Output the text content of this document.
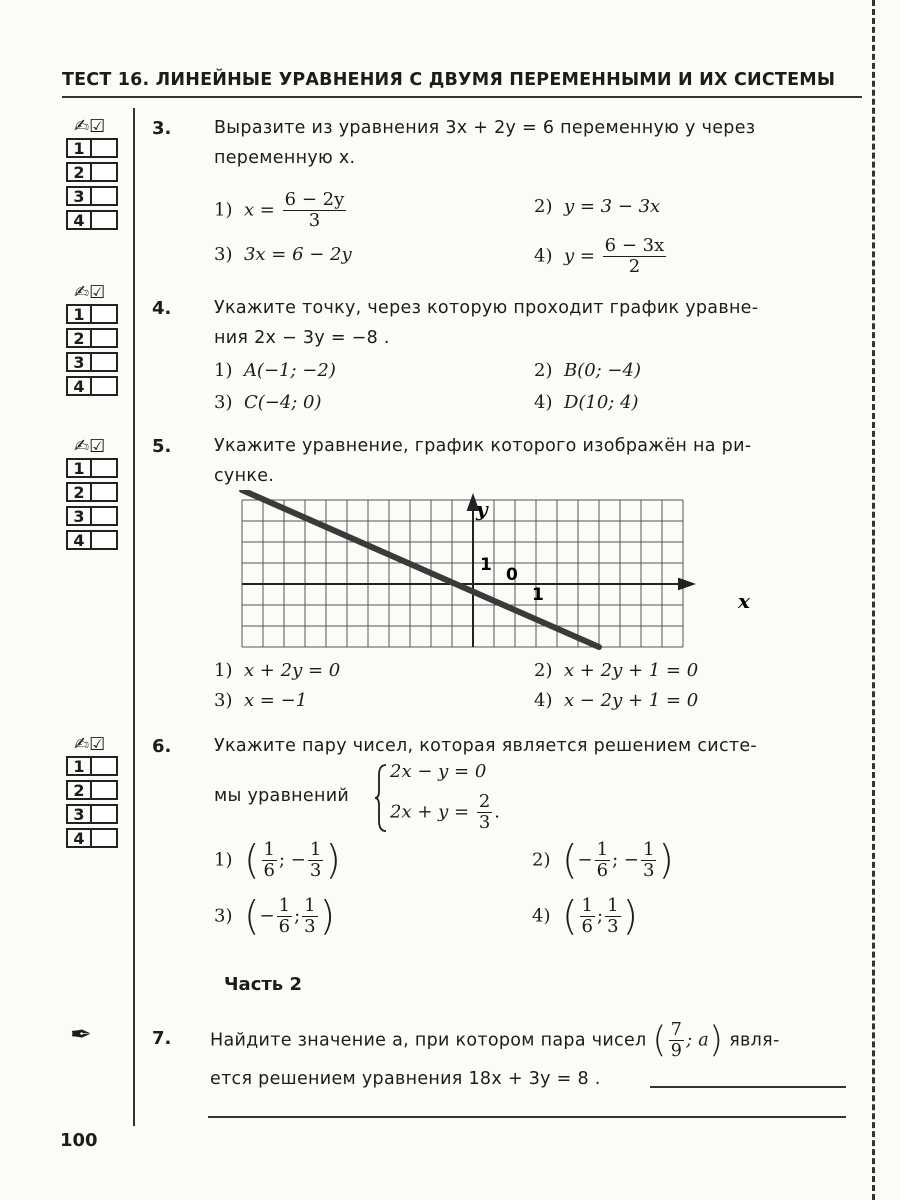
ТЕСТ 16. ЛИНЕЙНЫЕ УРАВНЕНИЯ С ДВУМЯ ПЕРЕМЕННЫМИ И ИХ СИСТЕМЫ
✍☑
1
2
3
4
✍☑
1
2
3
4
✍☑
1
2
3
4
✍☑
1
2
3
4
✒
3. Выразите из уравнения 3x + 2y = 6 переменную y через
переменную x.
1) $x = \frac{6 - 2y}{3}$	2) y = 3 − 3x
3) 3x = 6 − 2y	4) $y = \frac{6 - 3x}{2}$
4. Укажите точку, через которую проходит график уравне-
ния 2x − 3y = −8 .
1) A(−1; −2)	2) B(0; −4)
3) C(−4; 0)	4) D(10; 4)
5. Укажите уравнение, график которого изображён на ри-
сунке.
y
x
1 0
1
1) x + 2y = 0	2) x + 2y + 1 = 0
3) x = −1	4) x − 2y + 1 = 0
6. Укажите пару чисел, которая является решением систе-
мы уравнений
2x − y = 0
$2x + y = \frac{2}{3}$ .
1) ( $\frac{1}{6}$ ; − $\frac{1}{3}$ )	2) (− $\frac{1}{6}$ ; − $\frac{1}{3}$ )
3) (− $\frac{1}{6}$ ; $\frac{1}{3}$ )	4) ( $\frac{1}{6}$ ; $\frac{1}{3}$ )
Часть 2
7. Найдите значение a, при котором пара чисел ( $\frac{7}{9}$ ; a) явля-
ется решением уравнения 18x + 3y = 8 .
100
